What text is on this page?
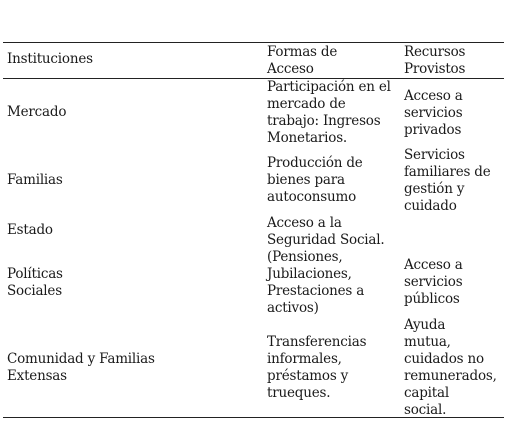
Instituciones	Formas de
Acceso
Recursos
Provistos
Mercado
Participación en el
mercado de
trabajo: Ingresos
Monetarios.
Acceso a
servicios
privados
Familias
Producción de
bienes para
autoconsumo
Servicios
familiares de
gestión y
cuidado
Estado	Acceso a la
Seguridad Social.
(Pensiones,
Jubilaciones,
Prestaciones a
activos)
Políticas
Sociales
Acceso a
servicios
públicos
Comunidad y Familias
Extensas
Transferencias
informales,
préstamos y
trueques.
Ayuda
mutua,
cuidados no
remunerados,
capital
social.
